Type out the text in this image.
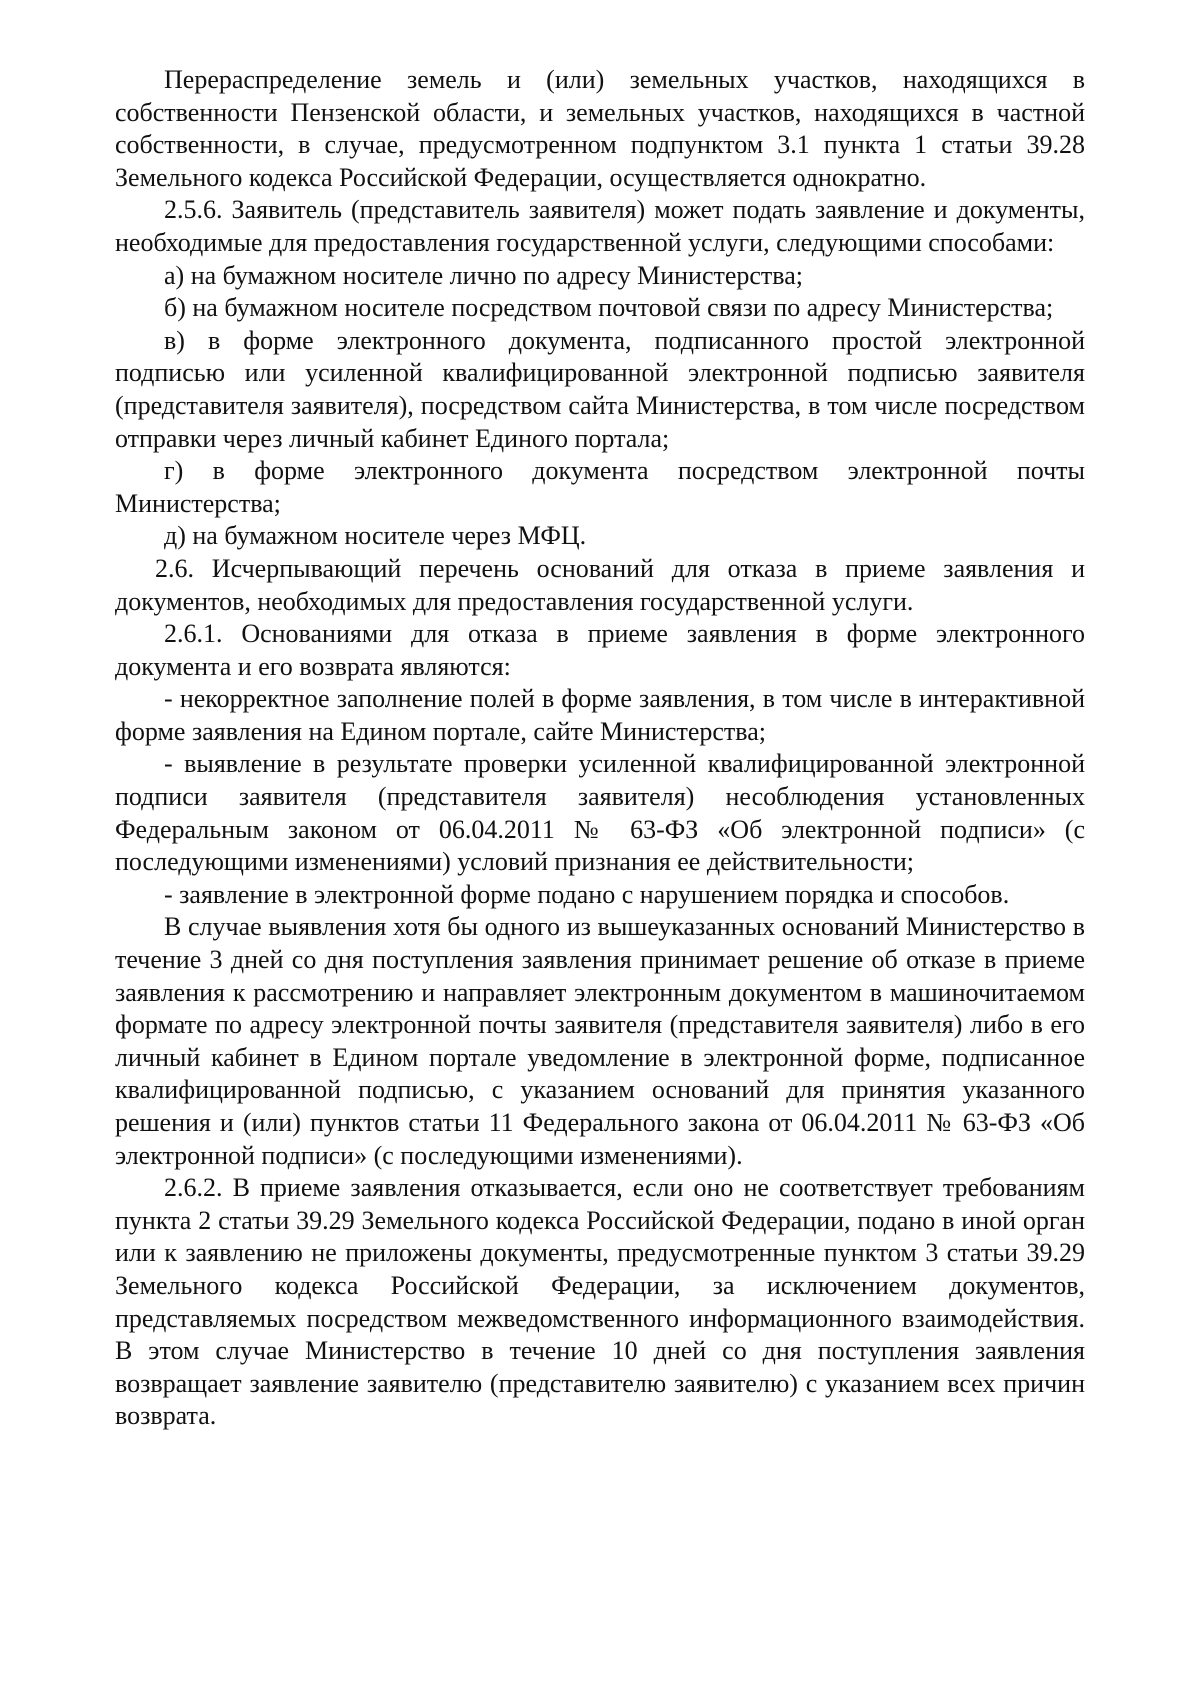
Перераспределение земель и (или) земельных участков, находящихся в собственности Пензенской области, и земельных участков, находящихся в частной собственности, в случае, предусмотренном подпунктом 3.1 пункта 1 статьи 39.28 Земельного кодекса Российской Федерации, осуществляется однократно.

2.5.6. Заявитель (представитель заявителя) может подать заявление и документы, необходимые для предоставления государственной услуги, следующими способами:

а) на бумажном носителе лично по адресу Министерства;

б) на бумажном носителе посредством почтовой связи по адресу Министерства;

в) в форме электронного документа, подписанного простой электронной подписью или усиленной квалифицированной электронной подписью заявителя (представителя заявителя), посредством сайта Министерства, в том числе посредством отправки через личный кабинет Единого портала;

г) в форме электронного документа посредством электронной почты Министерства;

д) на бумажном носителе через МФЦ.

2.6. Исчерпывающий перечень оснований для отказа в приеме заявления и документов, необходимых для предоставления государственной услуги.

2.6.1. Основаниями для отказа в приеме заявления в форме электронного документа и его возврата являются:

- некорректное заполнение полей в форме заявления, в том числе в интерактивной форме заявления на Едином портале, сайте Министерства;

- выявление в результате проверки усиленной квалифицированной электронной подписи заявителя (представителя заявителя) несоблюдения установленных Федеральным законом от 06.04.2011 № 63-ФЗ «Об электронной подписи» (с последующими изменениями) условий признания ее действительности;

- заявление в электронной форме подано с нарушением порядка и способов.

В случае выявления хотя бы одного из вышеуказанных оснований Министерство в течение 3 дней со дня поступления заявления принимает решение об отказе в приеме заявления к рассмотрению и направляет электронным документом в машиночитаемом формате по адресу электронной почты заявителя (представителя заявителя) либо в его личный кабинет в Едином портале уведомление в электронной форме, подписанное квалифицированной подписью, с указанием оснований для принятия указанного решения и (или) пунктов статьи 11 Федерального закона от 06.04.2011 № 63-ФЗ «Об электронной подписи» (с последующими изменениями).

2.6.2. В приеме заявления отказывается, если оно не соответствует требованиям пункта 2 статьи 39.29 Земельного кодекса Российской Федерации, подано в иной орган или к заявлению не приложены документы, предусмотренные пунктом 3 статьи 39.29 Земельного кодекса Российской Федерации, за исключением документов, представляемых посредством межведомственного информационного взаимодействия. В этом случае Министерство в течение 10 дней со дня поступления заявления возвращает заявление заявителю (представителю заявителю) с указанием всех причин возврата.
